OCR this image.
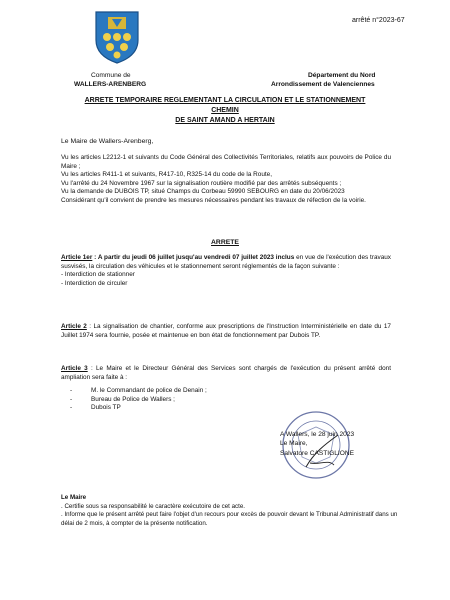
arrêté n°2023-67
Commune de
WALLERS-ARENBERG
Département du Nord
Arrondissement de Valenciennes
ARRETE TEMPORAIRE REGLEMENTANT LA CIRCULATION ET LE STATIONNEMENT CHEMIN
DE SAINT AMAND A HERTAIN
Le Maire de Wallers-Arenberg,
Vu les articles L2212-1 et suivants du Code Général des Collectivités Territoriales, relatifs aux pouvoirs de Police du Maire ;
Vu les articles R411-1 et suivants, R417-10, R325-14 du code de la Route,
Vu l'arrêté du 24 Novembre 1967 sur la signalisation routière modifié par des arrêtés subséquents ;
Vu la demande de DUBOIS TP, situé Champs du Corbeau 59990 SEBOURG en date du 20/06/2023
Considérant qu'il convient de prendre les mesures nécessaires pendant les travaux de réfection de la voirie.
ARRETE
Article 1er : A partir du jeudi 06 juillet jusqu'au vendredi 07 juillet 2023 inclus en vue de l'exécution des travaux susvisés, la circulation des véhicules et le stationnement seront réglementés de la façon suivante :
- Interdiction de stationner
- Interdiction de circuler
Article 2 : La signalisation de chantier, conforme aux prescriptions de l'Instruction Interministérielle en date du 17 Juillet 1974 sera fournie, posée et maintenue en bon état de fonctionnement par Dubois TP.
Article 3 : Le Maire et le Directeur Général des Services sont chargés de l'exécution du présent arrêté dont ampliation sera faite à :
-	M. le Commandant de police de Denain ;
-	Bureau de Police de Wallers ;
-	Dubois TP
A Wallers, le 28 juin 2023
Le Maire,
Salvatore CASTIGLIONE
Le Maire
. Certifie sous sa responsabilité le caractère exécutoire de cet acte.
. Informe que le présent arrêté peut faire l'objet d'un recours pour excès de pouvoir devant le Tribunal Administratif dans un délai de 2 mois, à compter de la présente notification.
